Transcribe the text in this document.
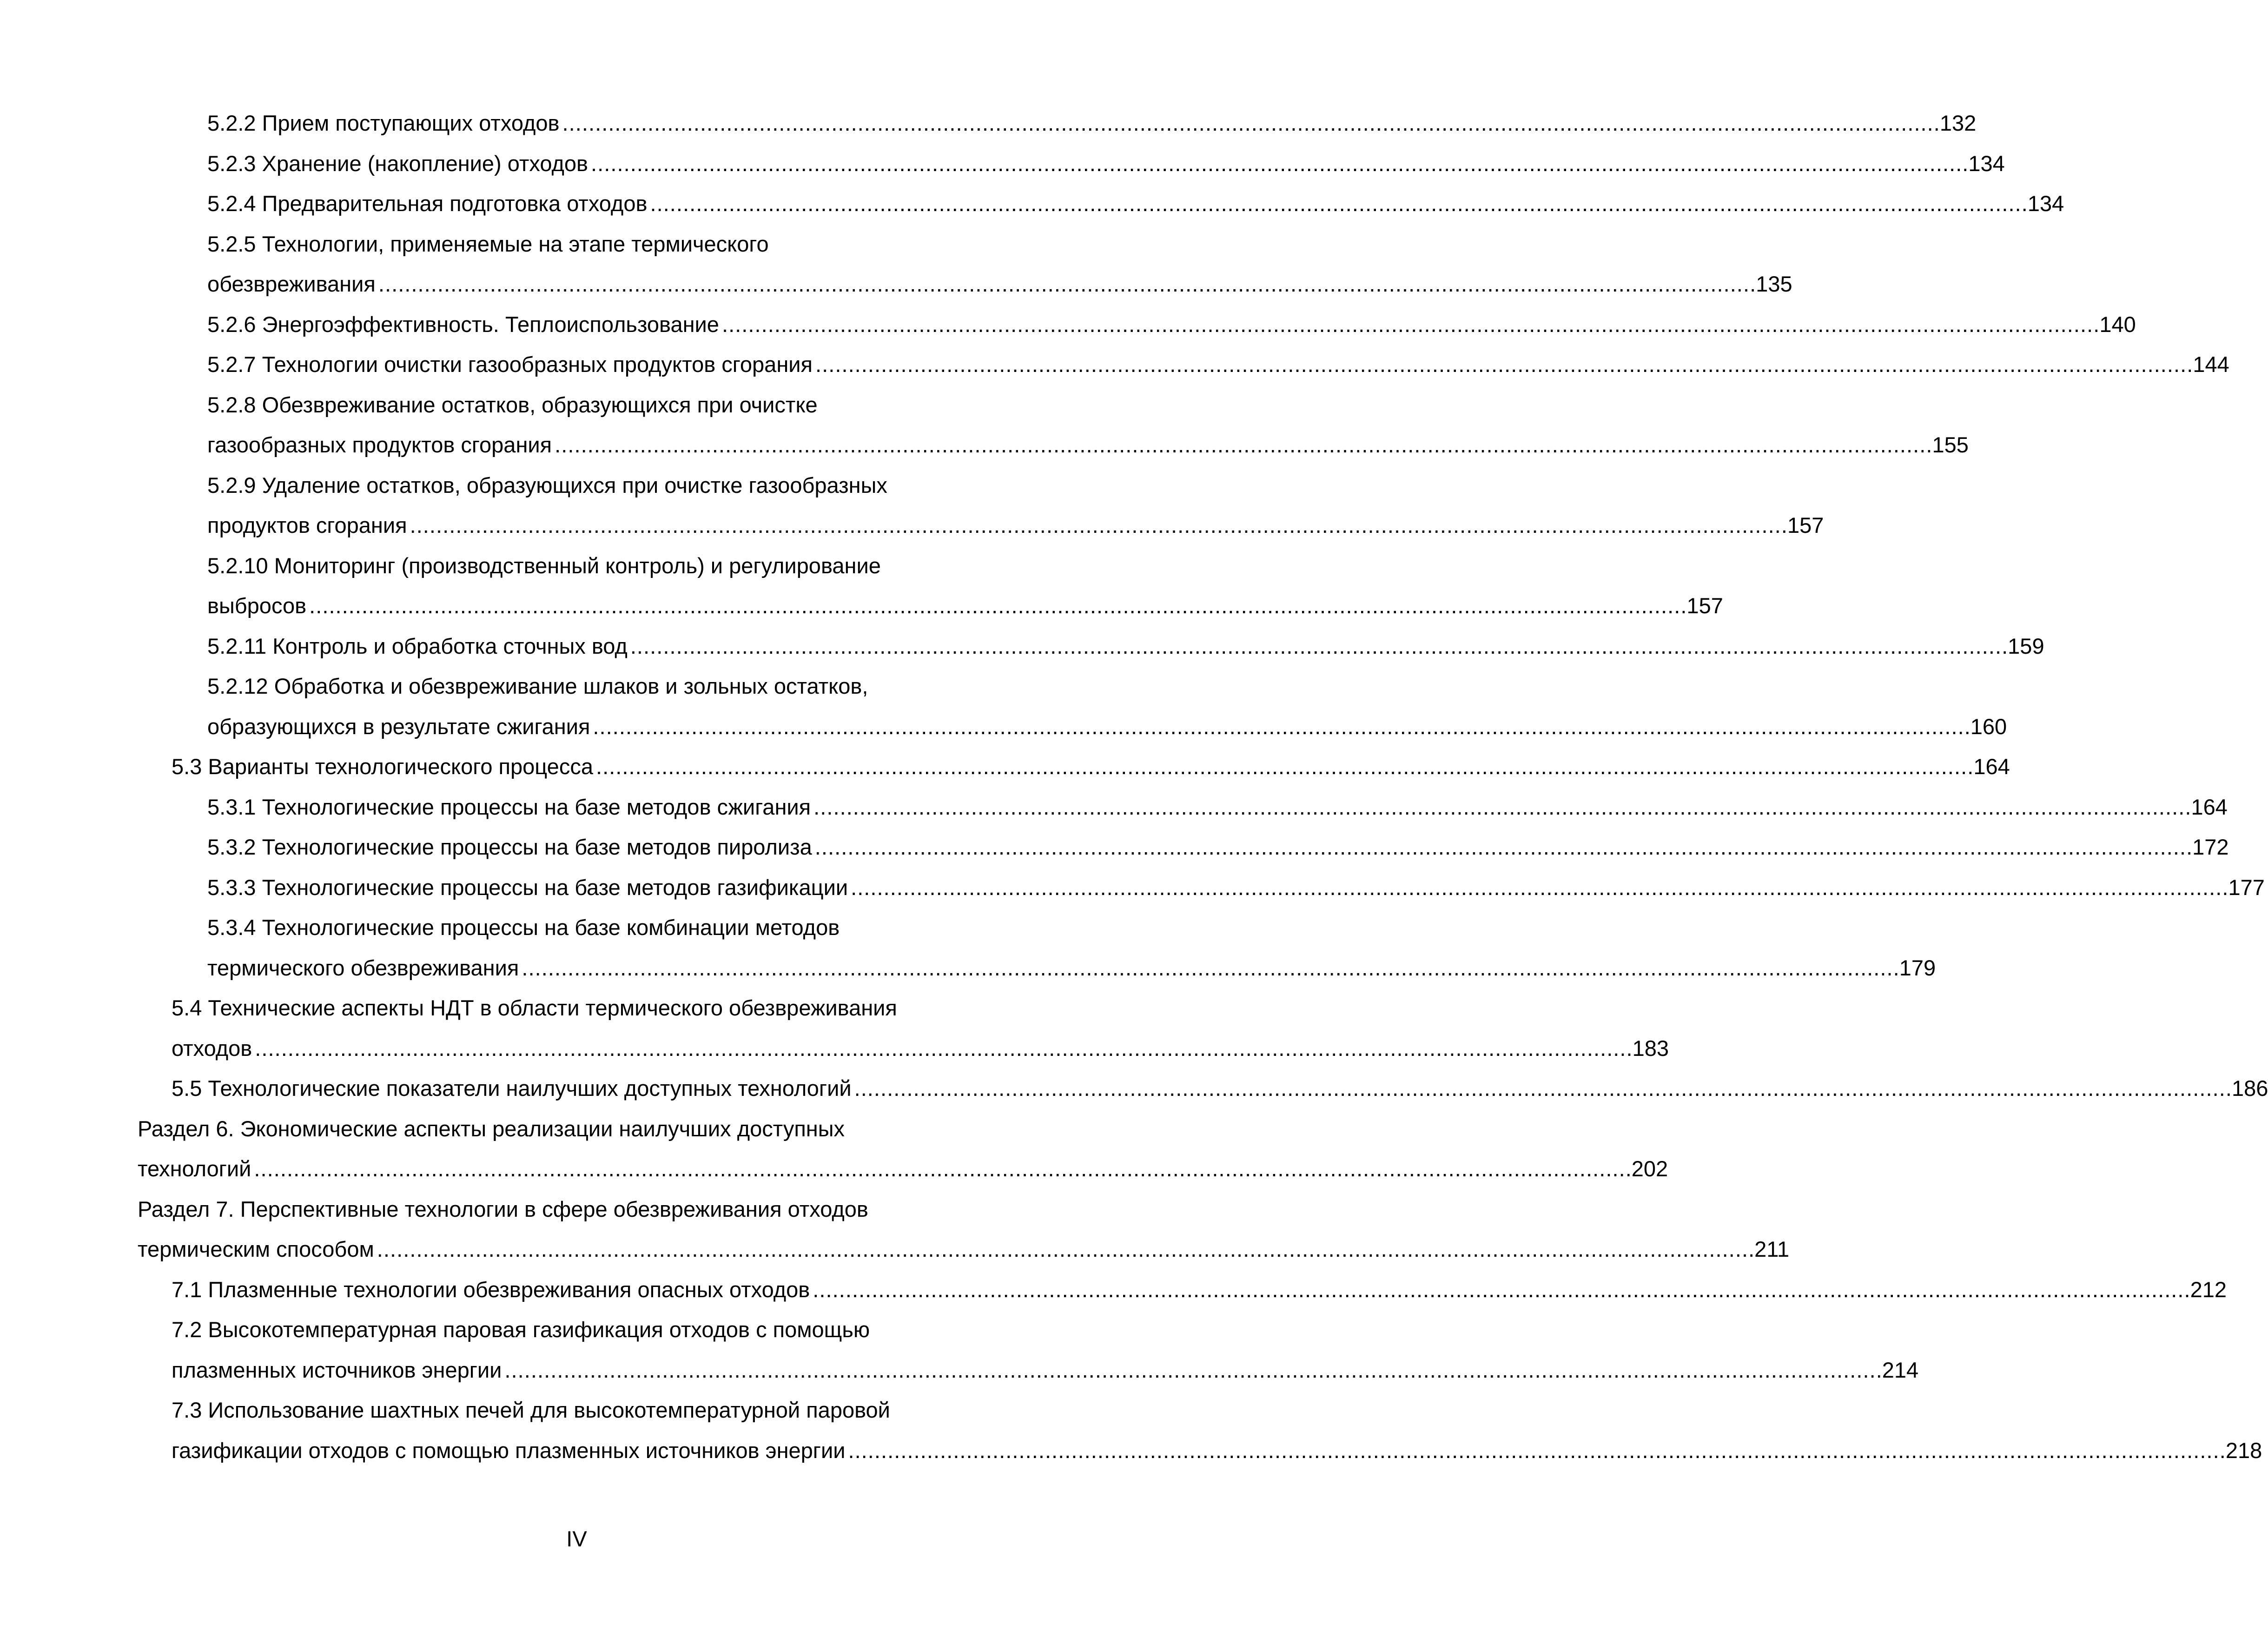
5.2.2 Прием поступающих отходов . . .	132
5.2.3 Хранение (накопление) отходов . . .	134
5.2.4 Предварительная подготовка отходов . . .	134
5.2.5 Технологии, применяемые на этапе термического
обезвреживания . . .	135
5.2.6 Энергоэффективность. Теплоиспользование . . .	140
5.2.7 Технологии очистки газообразных продуктов сгорания . . .	144
5.2.8 Обезвреживание остатков, образующихся при очистке
газообразных продуктов сгорания . . .	155
5.2.9 Удаление остатков, образующихся при очистке газообразных
продуктов сгорания . . .	157
5.2.10 Мониторинг (производственный контроль) и регулирование
выбросов . . .	157
5.2.11 Контроль и обработка сточных вод . . .	159
5.2.12 Обработка и обезвреживание шлаков и зольных остатков,
образующихся в результате сжигания . . .	160
5.3 Варианты технологического процесса . . .	164
5.3.1 Технологические процессы на базе методов сжигания . . .	164
5.3.2 Технологические процессы на базе методов пиролиза . . .	172
5.3.3 Технологические процессы на базе методов газификации . . .	177
5.3.4 Технологические процессы на базе комбинации методов
термического обезвреживания . . .	179
5.4 Технические аспекты НДТ в области термического обезвреживания
отходов . . .	183
5.5 Технологические показатели наилучших доступных технологий . . .	186
Раздел 6. Экономические аспекты реализации наилучших доступных
технологий . . .	202
Раздел 7. Перспективные технологии в сфере обезвреживания отходов
термическим способом . . .	211
7.1 Плазменные технологии обезвреживания опасных отходов . . .	212
7.2 Высокотемпературная паровая газификация отходов с помощью
плазменных источников энергии . . .	214
7.3 Использование шахтных печей для высокотемпературной паровой
газификации отходов с помощью плазменных источников энергии . . .	218
IV
